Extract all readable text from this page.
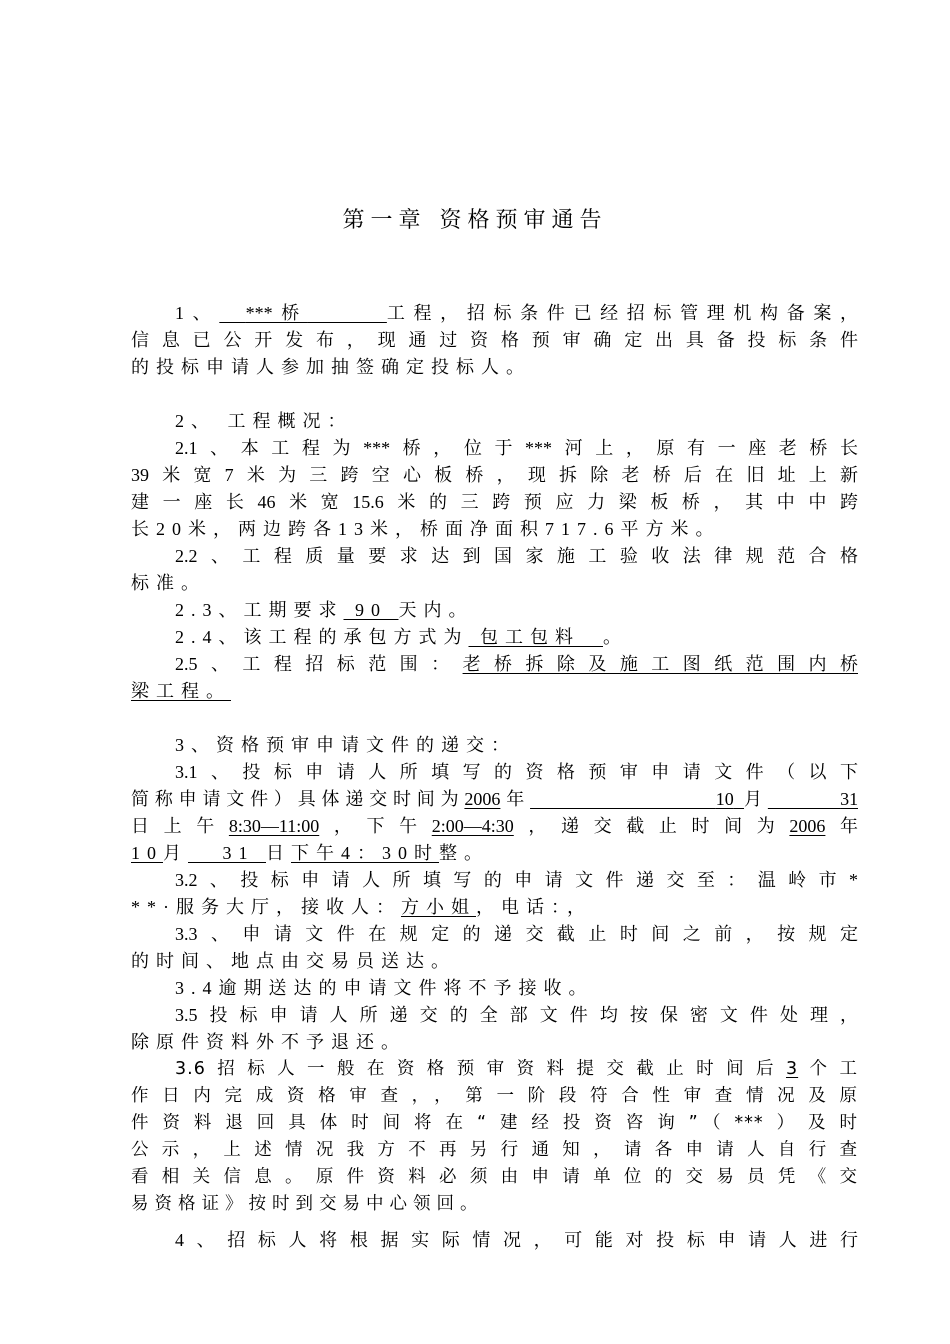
第一章 资格预审通告
1、 ***桥	工程，招标条件已经招标管理机构备案，
信息已公开发布，现通过资格预审确定出具备投标条件
的投标申请人参加抽签确定投标人。
2、 工程概况：
2.1、本工程为***桥，位于***河上，原有一座老桥长
39米宽7米为三跨空心板桥，现拆除老桥后在旧址上新
建一座长46米宽15.6米的三跨预应力梁板桥，其中中跨
长20米，两边跨各13米，桥面净面积717.6平方米。
2.2、工程质量要求达到国家施工验收法律规范合格
标准。
2.3、工期要求 90 天内。
2.4、该工程的承包方式为 包工包料 。
2.5、工程招标范围：老桥拆除及施工图纸范围内桥
梁工程。
3、资格预审申请文件的递交：
3.1、投标申请人所填写的资格预审申请文件（以下
简称申请文件）具体递交时间为2006年	10 月	31
日上午8:30—11:00，下午2:00—4:30，递交截止时间为2006年
10月 31 日下午4：30时整。
3.2、投标申请人所填写的申请文件递交至：温岭市*
**·服务大厅，接收人：方小姐，电话：，
3.3、申请文件在规定的递交截止时间之前，按规定
的时间、地点由交易员送达。
3.4逾期送达的申请文件将不予接收。
3.5投标申请人所递交的全部文件均按保密文件处理，
除原件资料外不予退还。
3.6招标人一般在资格预审资料提交截止时间后3个工
作日内完成资格审查，，第一阶段符合性审查情况及原
件资料退回具体时间将在“建经投资咨询”（***）及时
公示，上述情况我方不再另行通知，请各申请人自行查
看相关信息。原件资料必须由申请单位的交易员凭《交
易资格证》按时到交易中心领回。
4、招标人将根据实际情况，可能对投标申请人进行
